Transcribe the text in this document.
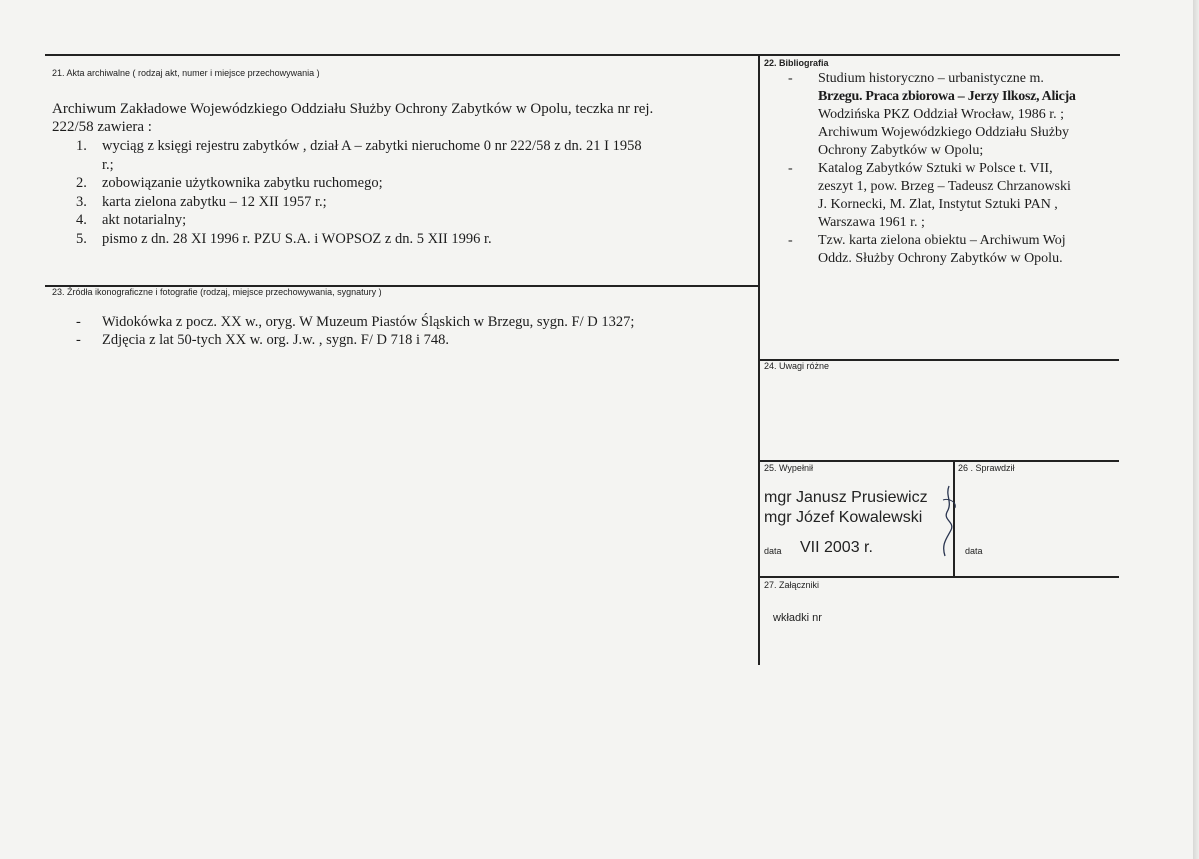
21. Akta archiwalne ( rodzaj akt, numer i miejsce przechowywania )
Archiwum Zakładowe Wojewódzkiego Oddziału Służby Ochrony Zabytków w Opolu, teczka nr rej.
222/58 zawiera :
1. wyciąg z księgi rejestru zabytków , dział A – zabytki nieruchome 0 nr 222/58 z dn. 21 I 1958
r.;
2. zobowiązanie użytkownika zabytku ruchomego;
3. karta zielona zabytku – 12 XII 1957 r.;
4. akt notarialny;
5. pismo z dn. 28 XI 1996 r. PZU S.A. i WOPSOZ z dn. 5 XII 1996 r.
22. Bibliografia
- Studium historyczno – urbanistyczne m.
Brzegu. Praca zbiorowa – Jerzy Ilkosz, Alicja
Wodzińska PKZ Oddział Wrocław, 1986 r. ;
Archiwum Wojewódzkiego Oddziału Służby
Ochrony Zabytków w Opolu;
- Katalog Zabytków Sztuki w Polsce t. VII,
zeszyt 1, pow. Brzeg – Tadeusz Chrzanowski
J. Kornecki, M. Zlat, Instytut Sztuki PAN ,
Warszawa 1961 r. ;
- Tzw. karta zielona obiektu – Archiwum Woj
Oddz. Służby Ochrony Zabytków w Opolu.
23. Źródła ikonograficzne i fotografie (rodzaj, miejsce przechowywania, sygnatury )
- Widokówka z pocz. XX w., oryg. W Muzeum Piastów Śląskich w Brzegu, sygn. F/ D 1327;
- Zdjęcia z lat 50-tych XX w. org. J.w. , sygn. F/ D 718 i 748.
24. Uwagi różne
25. Wypełnił
mgr Janusz Prusiewicz
mgr Józef Kowalewski
data VII 2003 r.
26 . Sprawdził
data
27. Załączniki
wkładki nr
